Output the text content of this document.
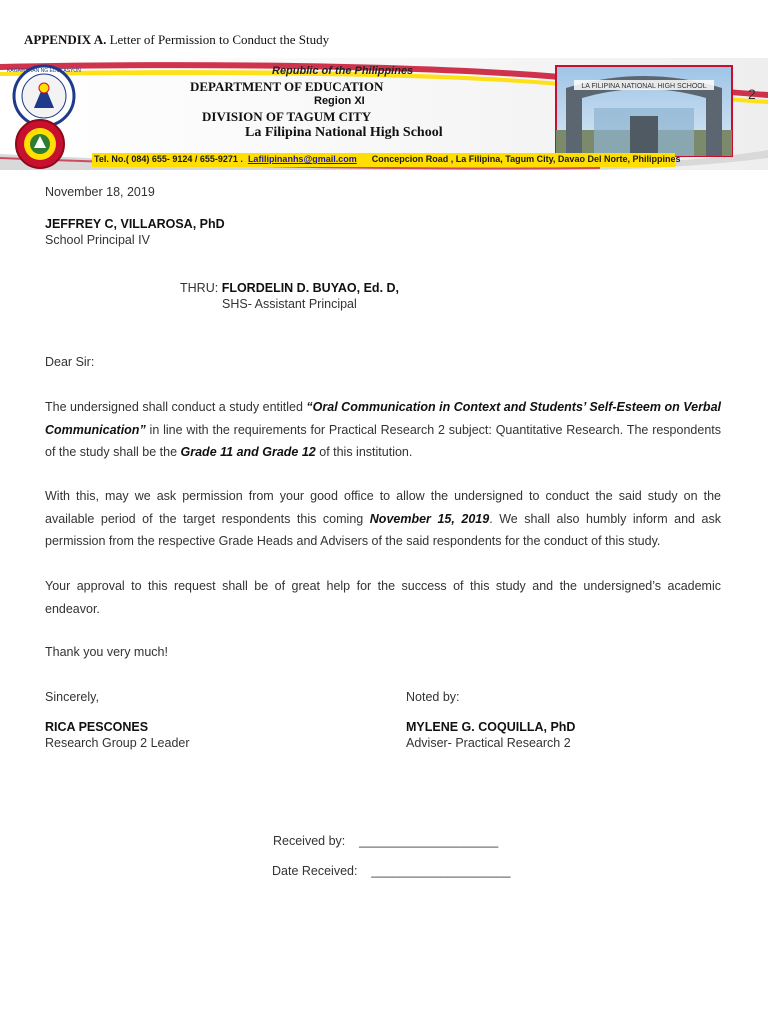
APPENDIX A. Letter of Permission to Conduct the Study
KAGAWARAN NG EDUKASYON
LA FILIPINA NATIONAL HIGH SCHOOL
Republic of the Philippines
DEPARTMENT OF EDUCATION
Region XI
DIVISION OF TAGUM CITY
La Filipina National High School
2
Tel. No.( 084) 655- 9124 / 655-9271 . Lafilipinanhs@gmail.com Concepcion Road , La Filipina, Tagum City, Davao Del Norte, Philippines
November 18, 2019
JEFFREY C, VILLAROSA, PhD
School Principal IV
THRU: FLORDELIN D. BUYAO, Ed. D,
SHS- Assistant Principal
Dear Sir:
The undersigned shall conduct a study entitled “Oral Communication in Context and Students’ Self-Esteem on Verbal Communication” in line with the requirements for Practical Research 2 subject: Quantitative Research. The respondents of the study shall be the Grade 11 and Grade 12 of this institution.
With this, may we ask permission from your good office to allow the undersigned to conduct the said study on the available period of the target respondents this coming November 15, 2019. We shall also humbly inform and ask permission from the respective Grade Heads and Advisers of the said respondents for the conduct of this study.
Your approval to this request shall be of great help for the success of this study and the undersigned’s academic endeavor.
Thank you very much!
Sincerely,
RICA PESCONES
Research Group 2 Leader
Noted by:
MYLENE G. COQUILLA, PhD
Adviser- Practical Research 2
Received by: ____________________
Date Received: ____________________
